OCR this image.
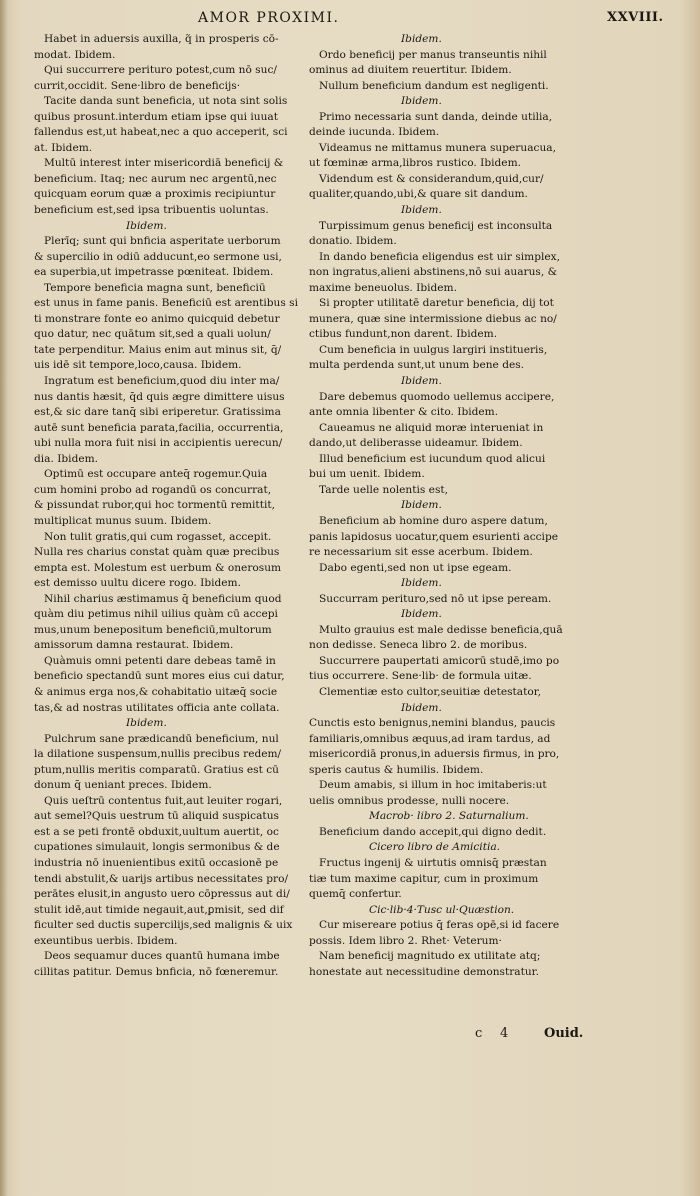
AMOR PROXIMI.	XXVIII.
Habet in aduersis auxilla, q̃ in prosperis cō-
modat. Ibidem.
Qui succurrere perituro potest,cum nō suc/
currit,occidit. Sene·libro de beneficijs·
Tacite danda sunt beneficia, ut nota sint solis
quibus prosunt.interdum etiam ipse qui iuuat
fallendus est,ut habeat,nec a quo acceperit, sci
at. Ibidem.
Multū interest inter misericordiā beneficij &
beneficium. Itaq; nec aurum nec argentū,nec
quicquam eorum quæ a proximis recipiuntur
beneficium est,sed ipsa tribuentis uoluntas.
Ibidem.
Plerīq; sunt qui bnficia asperitate uerborum
& supercilio in odiū adducunt,eo sermone usi,
ea superbia,ut impetrasse pœniteat. Ibidem.
Tempore beneficia magna sunt, beneficiū
est unus in fame panis. Beneficiū est arentibus si
ti monstrare fonte eo animo quicquid debetur
quo datur, nec quātum sit,sed a quali uolun/
tate perpenditur. Maius enim aut minus sit, q̄/
uis idē sit tempore,loco,causa. Ibidem.
Ingratum est beneficium,quod diu inter ma/
nus dantis hæsit, q̄d quis ægre dimittere uisus
est,& sic dare tanq̄ sibi eriperetur. Gratissima
autē sunt beneficia parata,facilia, occurrentia,
ubi nulla mora fuit nisi in accipientis uerecun/
dia. Ibidem.
Optimū est occupare anteq̄ rogemur.Quia
cum homini probo ad rogandū os concurrat,
& pissundat rubor,qui hoc tormentū remittit,
multiplicat munus suum. Ibidem.
Non tulit gratis,qui cum rogasset, accepit.
Nulla res charius constat quàm quæ precibus
empta est. Molestum est uerbum & onerosum
est demisso uultu dicere rogo. Ibidem.
Nihil charius æstimamus q̄ beneficium quod
quàm diu petimus nihil uilius quàm cū accepi
mus,unum benepositum beneficiū,multorum
amissorum damna restaurat. Ibidem.
Quàmuis omni petenti dare debeas tamē in
beneficio spectandū sunt mores eius cui datur,
& animus erga nos,& cohabitatio uitæq̄ socie
tas,& ad nostras utilitates officia ante collata.
Ibidem.
Pulchrum sane prædicandū beneficium, nul
la dilatione suspensum,nullis precibus redem/
ptum,nullis meritis comparatū. Gratius est cū
donum q̄ ueniant preces. Ibidem.
Quis ueſtrū contentus fuit,aut leuiter rogari,
aut semel?Quis uestrum tū aliquid suspicatus
est a se peti frontē obduxit,uultum auertit, oc
cupationes simulauit, longis sermonibus & de
industria nō inuenientibus exitū occasionē pe
tendi abstulit,& uarijs artibus necessitates pro/
perātes elusit,in angusto uero cōpressus aut di/
stulit idē,aut timide negauit,aut,ꝑmisit, sed dif
ficulter sed ductis supercilijs,sed malignis & uix
exeuntibus uerbis. Ibidem.
Deos sequamur duces quantū humana imbe
cillitas patitur. Demus bnficia, nō fœneremur.
Ibidem.
Ordo beneficij per manus transeuntis nihil
ominus ad diuitem reuertitur. Ibidem.
Nullum beneficium dandum est negligenti.
Ibidem.
Primo necessaria sunt danda, deinde utilia,
deinde iucunda. Ibidem.
Videamus ne mittamus munera superuacua,
ut fœminæ arma,libros rustico. Ibidem.
Videndum est & considerandum,quid,cur/
qualiter,quando,ubi,& quare sit dandum.
Ibidem.
Turpissimum genus beneficij est inconsulta
donatio. Ibidem.
In dando beneficia eligendus est uir simplex,
non ingratus,alieni abstinens,nō sui auarus, &
maxime beneuolus. Ibidem.
Si propter utilitatē daretur beneficia, dij tot
munera, quæ sine intermissione diebus ac no/
ctibus fundunt,non darent. Ibidem.
Cum beneficia in uulgus largiri institueris,
multa perdenda sunt,ut unum bene des.
Ibidem.
Dare debemus quomodo uellemus accipere,
ante omnia libenter & cito. Ibidem.
Caueamus ne aliquid moræ interueniat in
dando,ut deliberasse uideamur. Ibidem.
Illud beneficium est iucundum quod alicui
bui um uenit. Ibidem.
Tarde uelle nolentis est,
Ibidem.
Beneficium ab homine duro aspere datum,
panis lapidosus uocatur,quem esurienti accipe
re necessarium sit esse acerbum. Ibidem.
Dabo egenti,sed non ut ipse egeam.
Ibidem.
Succurram perituro,sed nō ut ipse peream.
Ibidem.
Multo grauius est male dedisse beneficia,quā
non dedisse. Seneca libro 2. de moribus.
Succurrere paupertati amicorū studē,imo po
tius occurrere. Sene·lib· de formula uitæ.
Clementiæ esto cultor,seuitiæ detestator,
Ibidem.
Cunctis esto benignus,nemini blandus, paucis
familiaris,omnibus æquus,ad iram tardus, ad
misericordiā pronus,in aduersis firmus, in pro,
speris cautus & humilis. Ibidem.
Deum amabis, si illum in hoc imitaberis:ut
uelis omnibus prodesse, nulli nocere.
Macrob· libro 2. Saturnalium.
Beneficium dando accepit,qui digno dedit.
Cicero libro de Amicitia.
Fructus ingenij & uirtutis omnisq̄ præstan
tiæ tum maxime capitur, cum in proximum
quemq̄ confertur.
Cic·lib·4·Tusc ul·Quæstion.
Cur misereare potius q̄ feras opē,si id facere
possis. Idem libro 2. Rhet· Veterum·
Nam beneficij magnitudo ex utilitate atq;
honestate aut necessitudine demonstratur.
c 4	Ouid.
